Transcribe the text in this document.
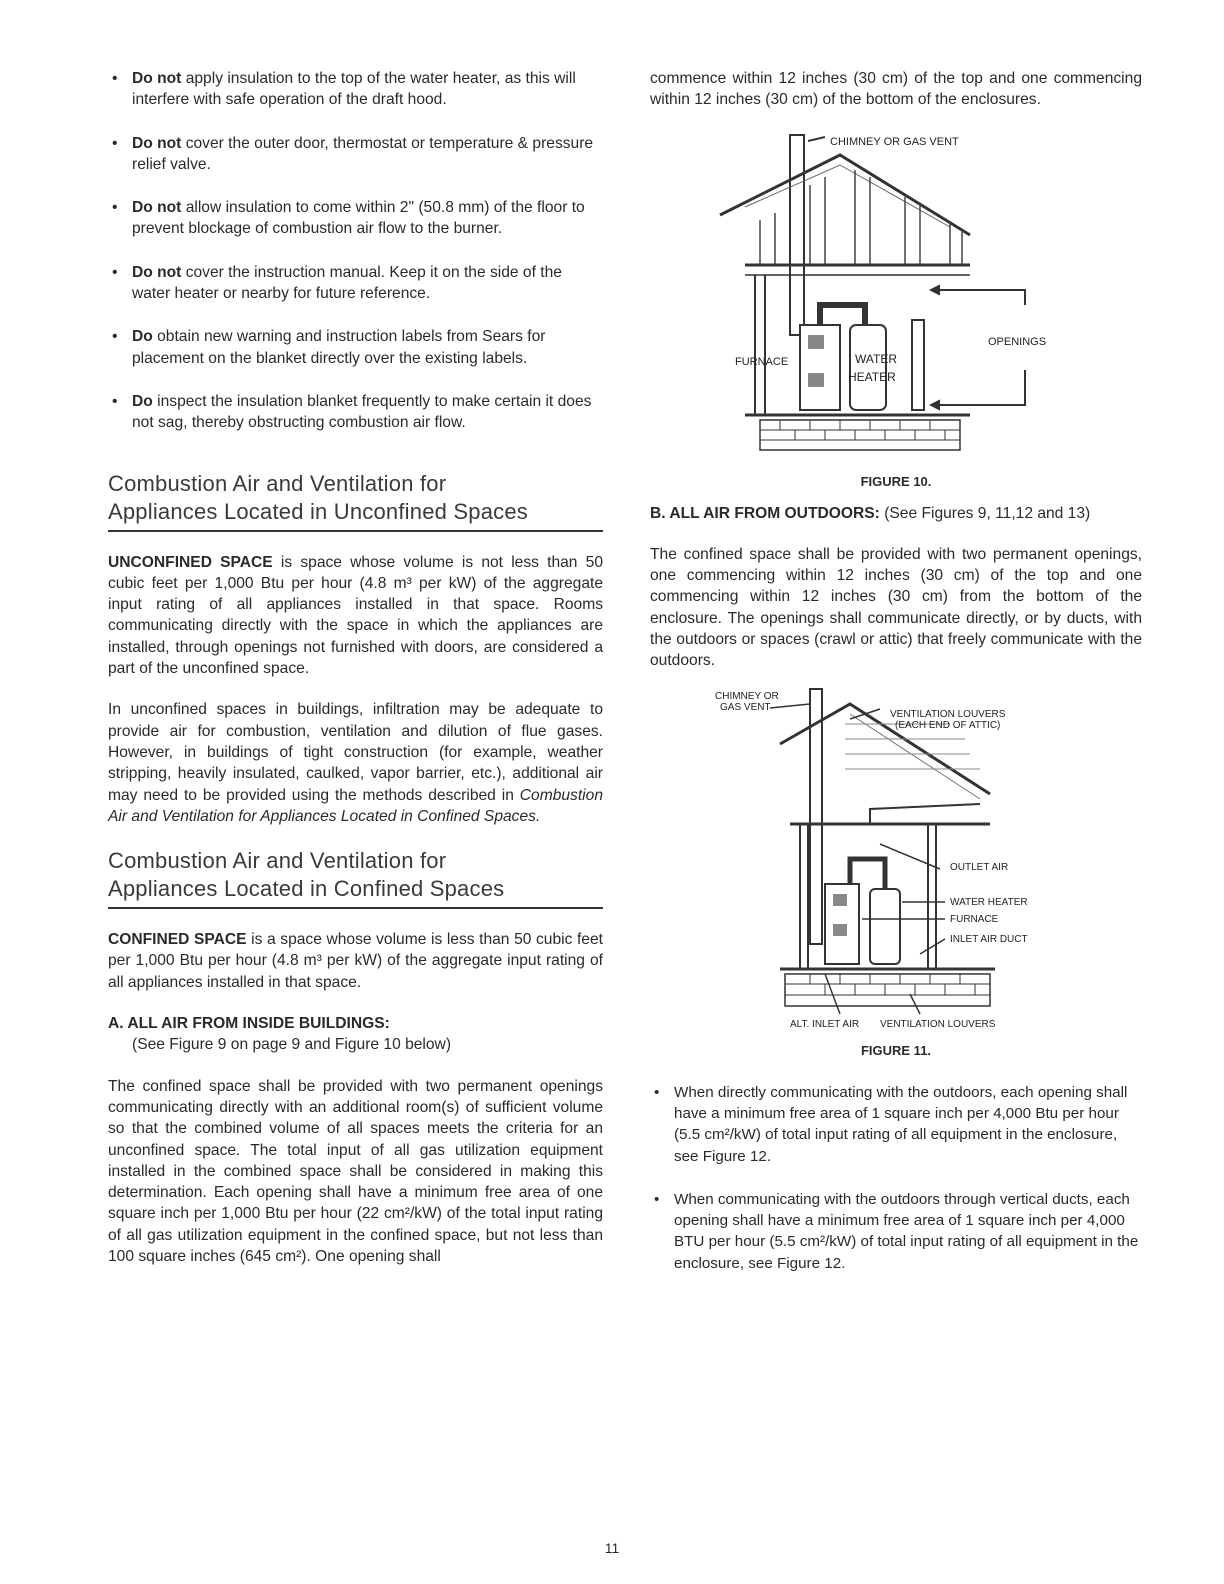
• Do not apply insulation to the top of the water heater, as this will interfere with safe operation of the draft hood.
• Do not cover the outer door, thermostat or temperature & pressure relief valve.
• Do not allow insulation to come within 2" (50.8 mm) of the floor to prevent blockage of combustion air flow to the burner.
• Do not cover the instruction manual. Keep it on the side of the water heater or nearby for future reference.
• Do obtain new warning and instruction labels from Sears for placement on the blanket directly over the existing labels.
• Do inspect the insulation blanket frequently to make certain it does not sag, thereby obstructing combustion air flow.
Combustion Air and Ventilation for
Appliances Located in Unconfined Spaces

UNCONFINED SPACE is space whose volume is not less than 50 cubic feet per 1,000 Btu per hour (4.8 m³ per kW) of the aggregate input rating of all appliances installed in that space. Rooms communicating directly with the space in which the appliances are installed, through openings not furnished with doors, are considered a part of the unconfined space.

In unconfined spaces in buildings, infiltration may be adequate to provide air for combustion, ventilation and dilution of flue gases. However, in buildings of tight construction (for example, weather stripping, heavily insulated, caulked, vapor barrier, etc.), additional air may need to be provided using the methods described in Combustion Air and Ventilation for Appliances Located in Confined Spaces.

Combustion Air and Ventilation for
Appliances Located in Confined Spaces

CONFINED SPACE is a space whose volume is less than 50 cubic feet per 1,000 Btu per hour (4.8 m³ per kW) of the aggregate input rating of all appliances installed in that space.

A. ALL AIR FROM INSIDE BUILDINGS:

(See Figure 9 on page 9 and Figure 10 below)

The confined space shall be provided with two permanent openings communicating directly with an additional room(s) of sufficient volume so that the combined volume of all spaces meets the criteria for an unconfined space. The total input of all gas utilization equipment installed in the combined space shall be considered in making this determination. Each opening shall have a minimum free area of one square inch per 1,000 Btu per hour (22 cm²/kW) of the total input rating of all gas utilization equipment in the confined space, but not less than 100 square inches (645 cm²). One opening shall

commence within 12 inches (30 cm) of the top and one commencing within 12 inches (30 cm) of the bottom of the enclosures.

CHIMNEY OR GAS VENT
WATER
HEATER
FURNACE
OPENINGS
FIGURE 10.

B. ALL AIR FROM OUTDOORS: (See Figures 9, 11,12 and 13)

The confined space shall be provided with two permanent openings, one commencing within 12 inches (30 cm) of the top and one commencing within 12 inches (30 cm) from the bottom of the enclosure. The openings shall communicate directly, or by ducts, with the outdoors or spaces (crawl or attic) that freely communicate with the outdoors.

CHIMNEY OR
GAS VENT
VENTILATION LOUVERS
(EACH END OF ATTIC)
OUTLET AIR
WATER HEATER
FURNACE
INLET AIR DUCT
ALT. INLET AIR VENTILATION LOUVERS
FIGURE 11.
• When directly communicating with the outdoors, each opening shall have a minimum free area of 1 square inch per 4,000 Btu per hour (5.5 cm²/kW) of total input rating of all equipment in the enclosure, see Figure 12.
• When communicating with the outdoors through vertical ducts, each opening shall have a minimum free area of 1 square inch per 4,000 BTU per hour (5.5 cm²/kW) of total input rating of all equipment in the enclosure, see Figure 12.
11
